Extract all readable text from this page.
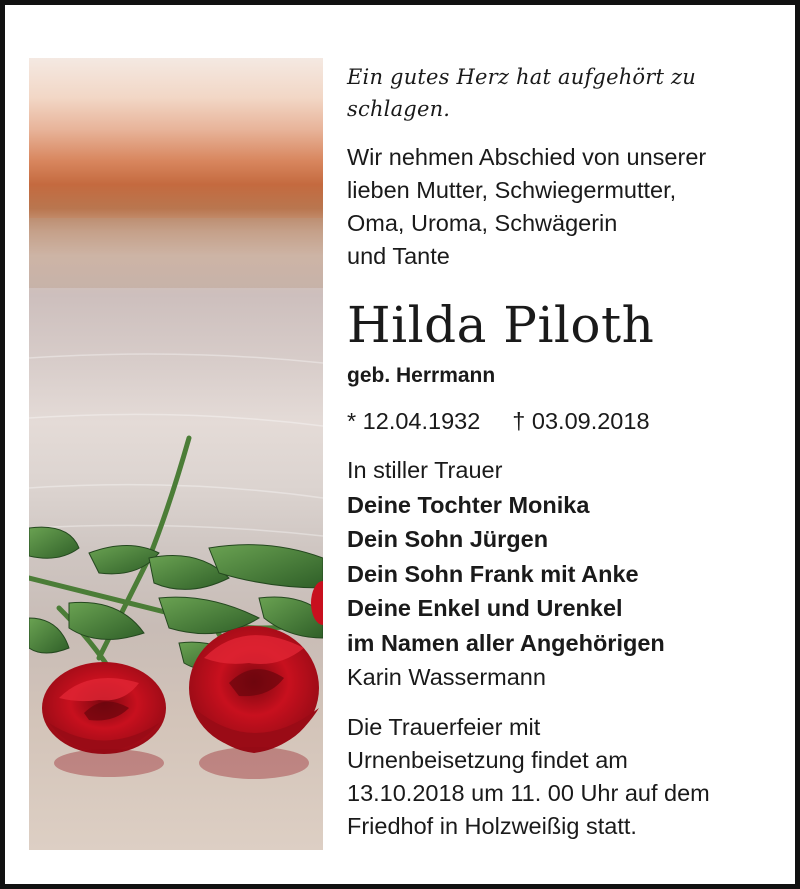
Ein gutes Herz hat aufgehört zu
schlagen.

Wir nehmen Abschied von unserer
lieben Mutter, Schwiegermutter,
Oma, Uroma, Schwägerin
und Tante

Hilda Piloth

geb. Herrmann

* 12.04.1932 † 03.09.2018

In stiller Trauer
Deine Tochter Monika
Dein Sohn Jürgen
Dein Sohn Frank mit Anke
Deine Enkel und Urenkel
im Namen aller Angehörigen
Karin Wassermann

Die Trauerfeier mit
Urnenbeisetzung findet am
13.10.2018 um 11. 00 Uhr auf dem
Friedhof in Holzweißig statt.
